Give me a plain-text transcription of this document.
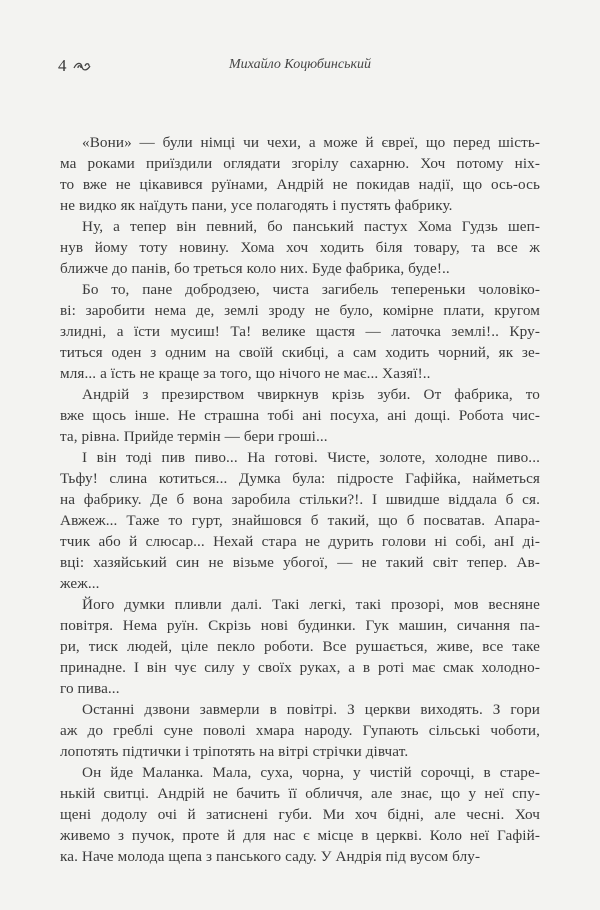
4	Михайло Коцюбинський
«Вони» — були німці чи чехи, а може й євреї, що перед шість-
ма роками приїздили оглядати згорілу сахарню. Хоч потому ніх-
то вже не цікавився руїнами, Андрій не покидав надії, що ось-ось
не видко як наїдуть пани, усе полагодять і пустять фабрику.
Ну, а тепер він певний, бо панський пастух Хома Гудзь шеп-
нув йому тоту новину. Хома хоч ходить біля товару, та все ж
ближче до панів, бо треться коло них. Буде фабрика, буде!..
Бо то, пане добродзею, чиста загибель тепереньки чоловіко-
ві: заробити нема де, землі зроду не було, комірне плати, кругом
злидні, а їсти мусиш! Та! велике щастя — латочка землі!.. Кру-
титься оден з одним на своїй скибці, а сам ходить чорний, як зе-
мля... а їсть не краще за того, що нічого не має... Хазяї!..
Андрій з презирством чвиркнув крізь зуби. От фабрика, то
вже щось інше. Не страшна тобі ані посуха, ані дощі. Робота чис-
та, рівна. Прийде термін — бери гроші...
І він тоді пив пиво... На готові. Чисте, золоте, холодне пиво...
Тьфу! слина котиться... Думка була: підросте Гафійка, найметься
на фабрику. Де б вона заробила стільки?!. І швидше віддала б ся.
Авжеж... Таже то гурт, знайшовся б такий, що б посватав. Апара-
тчик або й слюсар... Нехай стара не дурить голови ні собі, анІ ді-
вці: хазяйський син не візьме убогої, — не такий світ тепер. Ав-
жеж...
Його думки пливли далі. Такі легкі, такі прозорі, мов весняне
повітря. Нема руїн. Скрізь нові будинки. Гук машин, сичання па-
ри, тиск людей, ціле пекло роботи. Все рушається, живе, все таке
принадне. І він чує силу у своїх руках, а в роті має смак холодно-
го пива...
Останні дзвони завмерли в повітрі. З церкви виходять. З гори
аж до греблі суне поволі хмара народу. Гупають сільські чоботи,
лопотять підтички і тріпотять на вітрі стрічки дівчат.
Он йде Маланка. Мала, суха, чорна, у чистій сорочці, в старе-
нькій свитці. Андрій не бачить її обличчя, але знає, що у неї спу-
щені додолу очі й затиснені губи. Ми хоч бідні, але чесні. Хоч
живемо з пучок, проте й для нас є місце в церкві. Коло неї Гафій-
ка. Наче молода щепа з панського саду. У Андрія під вусом блу-
